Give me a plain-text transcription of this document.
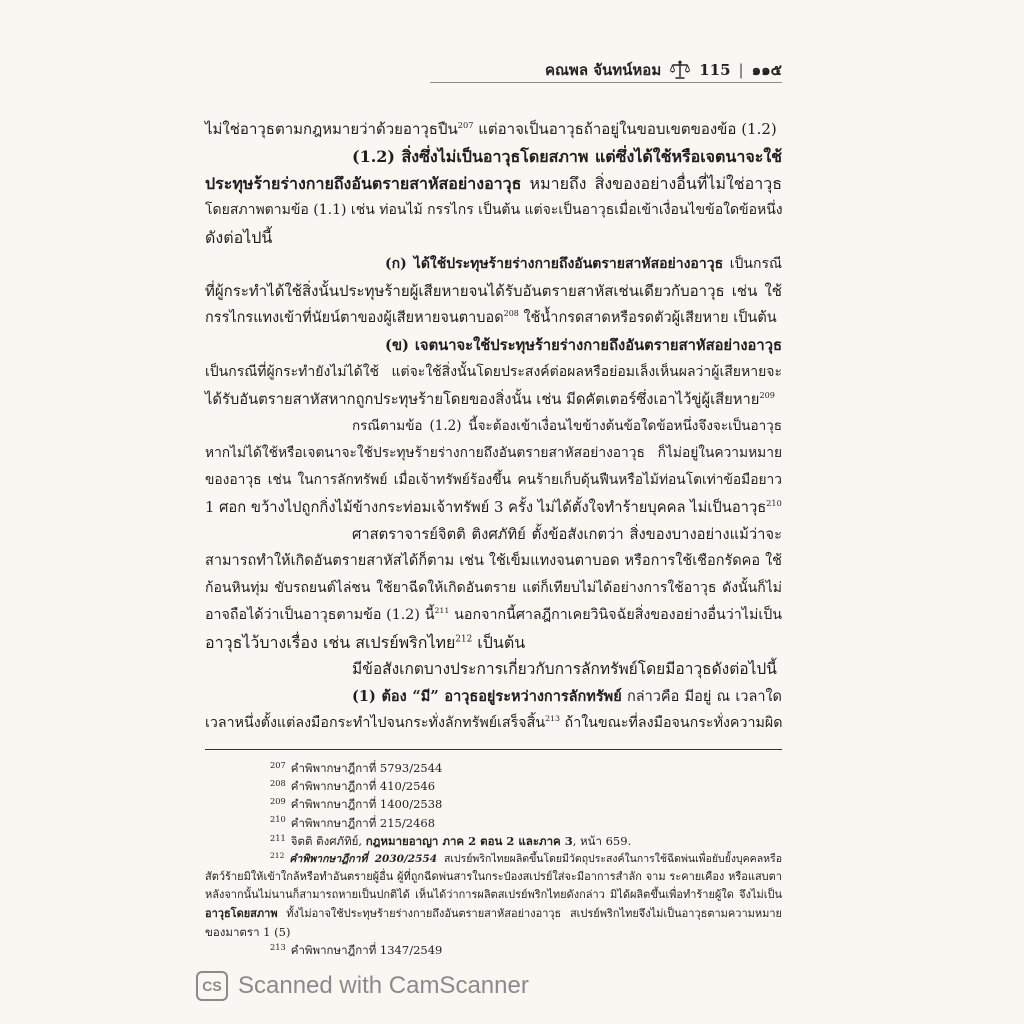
คณพล จันทน์หอม	115 | ๑๑๕
ไม่ใช่อาวุธตามกฎหมายว่าด้วยอาวุธปืน$^{207}$ แต่อาจเป็นอาวุธถ้าอยู่ในขอบเขตของข้อ (1.2)
(1.2) สิ่งซึ่งไม่เป็นอาวุธโดยสภาพ แต่ซึ่งได้ใช้หรือเจตนาจะใช้
ประทุษร้ายร่างกายถึงอันตรายสาหัสอย่างอาวุธ หมายถึง สิ่งของอย่างอื่นที่ไม่ใช่อาวุธ
โดยสภาพตามข้อ (1.1) เช่น ท่อนไม้ กรรไกร เป็นต้น แต่จะเป็นอาวุธเมื่อเข้าเงื่อนไขข้อใดข้อหนึ่ง
ดังต่อไปนี้
(ก) ได้ใช้ประทุษร้ายร่างกายถึงอันตรายสาหัสอย่างอาวุธ เป็นกรณี
ที่ผู้กระทำได้ใช้สิ่งนั้นประทุษร้ายผู้เสียหายจนได้รับอันตรายสาหัสเช่นเดียวกับอาวุธ เช่น ใช้
กรรไกรแทงเข้าที่นัยน์ตาของผู้เสียหายจนตาบอด$^{208}$ ใช้น้ำกรดสาดหรือรดตัวผู้เสียหาย เป็นต้น
(ข) เจตนาจะใช้ประทุษร้ายร่างกายถึงอันตรายสาหัสอย่างอาวุธ
เป็นกรณีที่ผู้กระทำยังไม่ได้ใช้ แต่จะใช้สิ่งนั้นโดยประสงค์ต่อผลหรือย่อมเล็งเห็นผลว่าผู้เสียหายจะ
ได้รับอันตรายสาหัสหากถูกประทุษร้ายโดยของสิ่งนั้น เช่น มีดคัตเตอร์ซึ่งเอาไว้ขู่ผู้เสียหาย$^{209}$
กรณีตามข้อ (1.2) นี้จะต้องเข้าเงื่อนไขข้างต้นข้อใดข้อหนึ่งจึงจะเป็นอาวุธ
หากไม่ได้ใช้หรือเจตนาจะใช้ประทุษร้ายร่างกายถึงอันตรายสาหัสอย่างอาวุธ ก็ไม่อยู่ในความหมาย
ของอาวุธ เช่น ในการลักทรัพย์ เมื่อเจ้าทรัพย์ร้องขึ้น คนร้ายเก็บดุ้นฟืนหรือไม้ท่อนโตเท่าข้อมือยาว
1 ศอก ขว้างไปถูกกิ่งไม้ข้างกระท่อมเจ้าทรัพย์ 3 ครั้ง ไม่ได้ตั้งใจทำร้ายบุคคล ไม่เป็นอาวุธ$^{210}$
ศาสตราจารย์จิตติ ติงศภัทิย์ ตั้งข้อสังเกตว่า สิ่งของบางอย่างแม้ว่าจะ
สามารถทำให้เกิดอันตรายสาหัสได้ก็ตาม เช่น ใช้เข็มแทงจนตาบอด หรือการใช้เชือกรัดคอ ใช้
ก้อนหินทุ่ม ขับรถยนต์ไล่ชน ใช้ยาฉีดให้เกิดอันตราย แต่ก็เทียบไม่ได้อย่างการใช้อาวุธ ดังนั้นก็ไม่
อาจถือได้ว่าเป็นอาวุธตามข้อ (1.2) นี้$^{211}$ นอกจากนี้ศาลฎีกาเคยวินิจฉัยสิ่งของอย่างอื่นว่าไม่เป็น
อาวุธไว้บางเรื่อง เช่น สเปรย์พริกไทย$^{212}$ เป็นต้น
มีข้อสังเกตบางประการเกี่ยวกับการลักทรัพย์โดยมีอาวุธดังต่อไปนี้
(1) ต้อง “มี” อาวุธอยู่ระหว่างการลักทรัพย์ กล่าวคือ มีอยู่ ณ เวลาใด
เวลาหนึ่งตั้งแต่ลงมือกระทำไปจนกระทั่งลักทรัพย์เสร็จสิ้น$^{213}$ ถ้าในขณะที่ลงมือจนกระทั่งความผิด
$^{207}$ คำพิพากษาฎีกาที่ 5793/2544
$^{208}$ คำพิพากษาฎีกาที่ 410/2546
$^{209}$ คำพิพากษาฎีกาที่ 1400/2538
$^{210}$ คำพิพากษาฎีกาที่ 215/2468
$^{211}$ จิตติ ติงศภัทิย์, กฎหมายอาญา ภาค 2 ตอน 2 และภาค 3, หน้า 659.
$^{212}$ คำพิพากษาฎีกาที่ 2030/2554 สเปรย์พริกไทยผลิตขึ้นโดยมีวัตถุประสงค์ในการใช้ฉีดพ่นเพื่อยับยั้งบุคคลหรือ
สัตว์ร้ายมิให้เข้าใกล้หรือทำอันตรายผู้อื่น ผู้ที่ถูกฉีดพ่นสารในกระป๋องสเปรย์ใส่จะมีอาการสำลัก จาม ระคายเคือง หรือแสบตา
หลังจากนั้นไม่นานก็สามารถหายเป็นปกติได้ เห็นได้ว่าการผลิตสเปรย์พริกไทยดังกล่าว มิได้ผลิตขึ้นเพื่อทำร้ายผู้ใด จึงไม่เป็น
อาวุธโดยสภาพ ทั้งไม่อาจใช้ประทุษร้ายร่างกายถึงอันตรายสาหัสอย่างอาวุธ สเปรย์พริกไทยจึงไม่เป็นอาวุธตามความหมาย
ของมาตรา 1 (5)
$^{213}$ คำพิพากษาฎีกาที่ 1347/2549
CS Scanned with CamScanner
